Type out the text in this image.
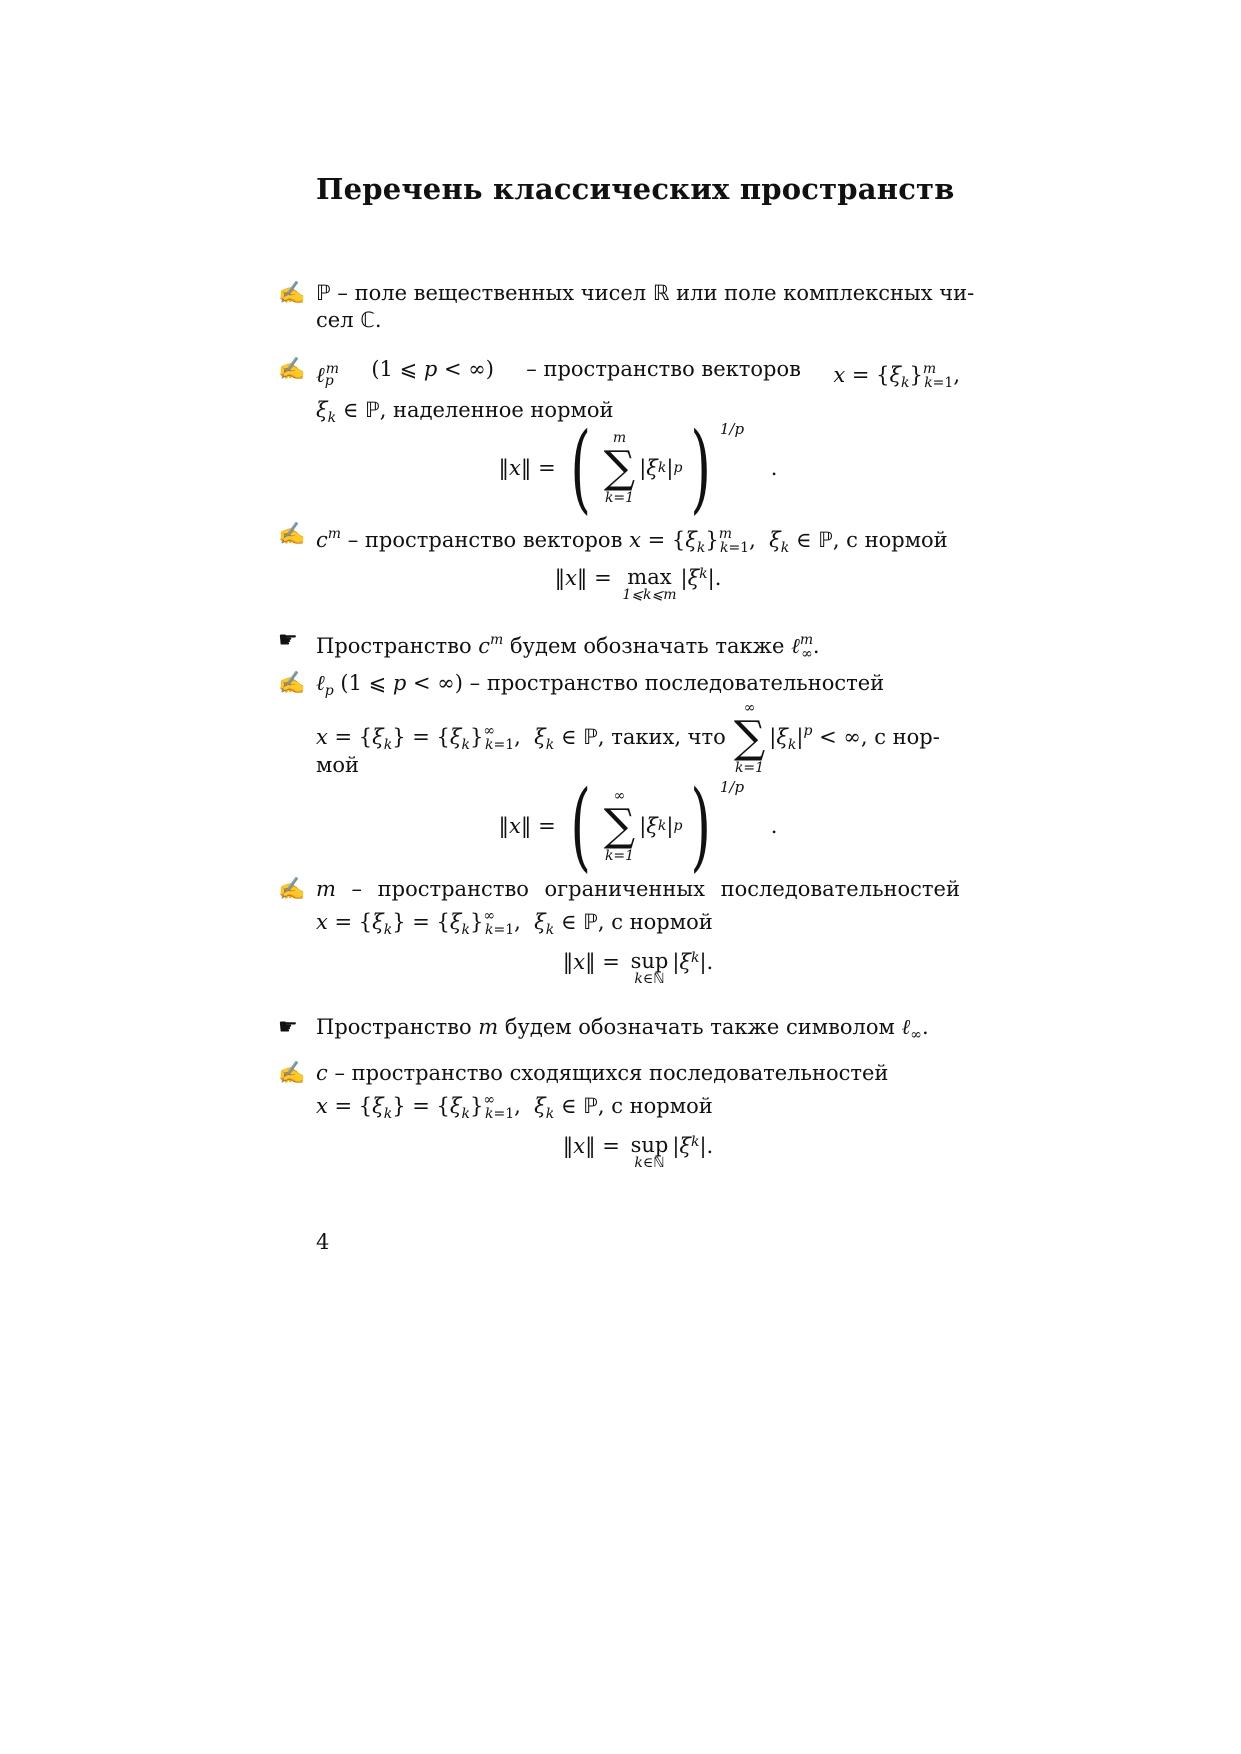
Перечень классических пространств
✍ ℙ – поле вещественных чисел ℝ или поле комплексных чи-
сел ℂ.
✍ ℓ$_p^m$ (1 ⩽ p < ∞) – пространство векторов $x = \{\xi_k\}^m_{k=1}$,
$\xi_k$ ∈ ℙ, наделенное нормой
‖ x ‖ = ( m
∑
k=1
| ξ k | p ) 1/p
.
✍ $c^m$ – пространство векторов $x = \{\xi_k\}^m_{k=1}$,  $\xi_k$ ∈ ℙ, с нормой
‖ x ‖ = max
1⩽k⩽m
| ξ k |.
☛ Пространство $c^m$ будем обозначать также ℓ$^m_\infty$.
✍ ℓ$_p$ (1 ⩽ p < ∞) – пространство последовательностей
$x = \{\xi_k\} = \{\xi_k\}^\infty_{k=1}$,  $\xi_k$ ∈ ℙ, таких, что
∞
∑
k=1
$|\xi_k|^p$ < ∞, с нор-
мой
‖ x ‖ = ( ∞
∑
k=1
| ξ k | p ) 1/p
.
✍ m – пространство ограниченных последовательностей
$x = \{\xi_k\} = \{\xi_k\}^\infty_{k=1}$,  $\xi_k$ ∈ ℙ, с нормой
‖ x ‖ = sup
k∈ℕ
| ξ k |.
☛ Пространство m будем обозначать также символом ℓ$_\infty$.
✍ c – пространство сходящихся последовательностей
$x = \{\xi_k\} = \{\xi_k\}^\infty_{k=1}$,  $\xi_k$ ∈ ℙ, с нормой
‖ x ‖ = sup
k∈ℕ
| ξ k |.
4
